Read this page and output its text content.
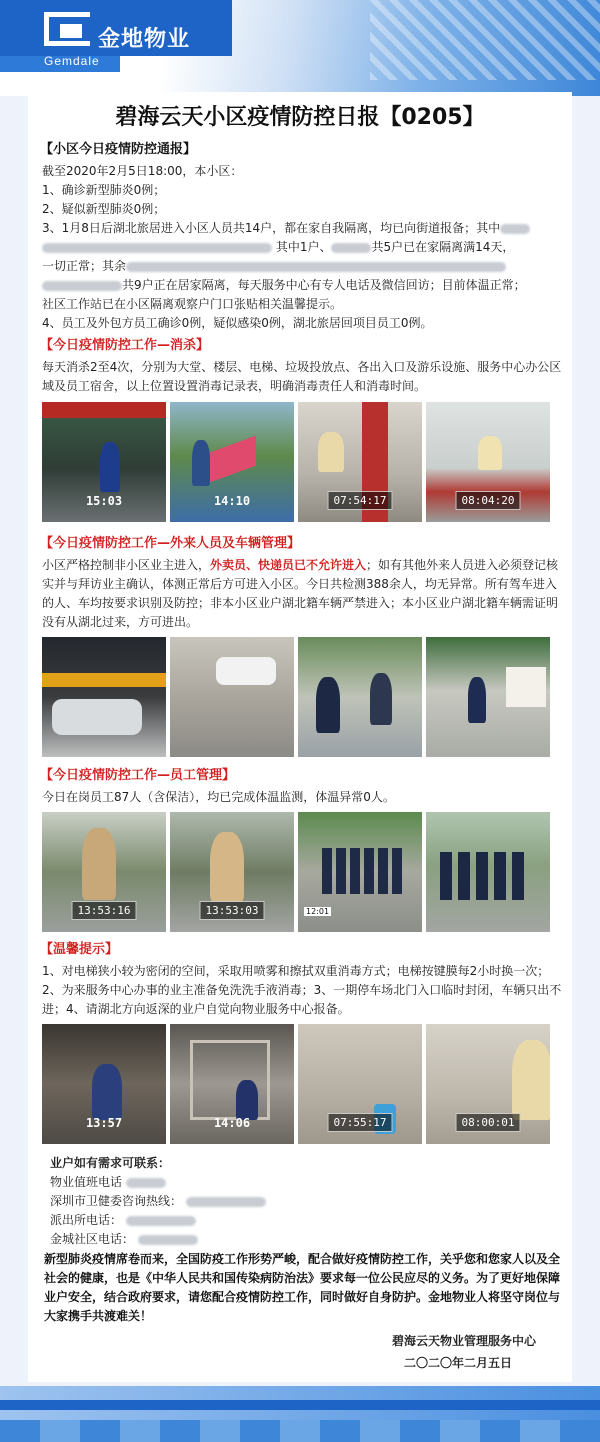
金地物业
Gemdale
碧海云天小区疫情防控日报【0205】
【小区今日疫情防控通报】
截至2020年2月5日18:00，本小区：
1、确诊新型肺炎0例；
2、疑似新型肺炎0例；
3、1月8日后湖北旅居进入小区人员共14户，都在家自我隔离，均已向街道报备；其中
其中1户、	共5户已在家隔离满14天，
一切正常；其余
共9户正在居家隔离，每天服务中心有专人电话及微信回访；目前体温正常；
社区工作站已在小区隔离观察户门口张贴相关温馨提示。
4、员工及外包方员工确诊0例，疑似感染0例，湖北旅居回项目员工0例。
【今日疫情防控工作—消杀】
每天消杀2至4次，分别为大堂、楼层、电梯、垃圾投放点、各出入口及游乐设施、服务中心办公区域及员工宿舍，以上位置设置消毒记录表，明确消毒责任人和消毒时间。
15:03	14:10	07:54:17	08:04:20
【今日疫情防控工作—外来人员及车辆管理】
小区严格控制非小区业主进入，外卖员、快递员已不允许进入；如有其他外来人员进入必须登记核实并与拜访业主确认，体测正常后方可进入小区。今日共检测388余人，均无异常。所有驾车进入的人、车均按要求识别及防控；非本小区业户湖北籍车辆严禁进入；本小区业户湖北籍车辆需证明没有从湖北过来，方可进出。
【今日疫情防控工作—员工管理】
今日在岗员工87人（含保洁），均已完成体温监测，体温异常0人。
13:53:16	13:53:03	12:01
【温馨提示】
1、对电梯狭小较为密闭的空间，采取用喷雾和擦拭双重消毒方式；电梯按键膜每2小时换一次；2、为来服务中心办事的业主准备免洗洗手液消毒；3、一期停车场北门入口临时封闭，车辆只出不进；4、请湖北方向返深的业户自觉向物业服务中心报备。
13:57	14:06	07:55:17	08:00:01
业户如有需求可联系：
物业值班电话
深圳市卫健委咨询热线：
派出所电话：
金城社区电话：
新型肺炎疫情席卷而来，全国防疫工作形势严峻，配合做好疫情防控工作，关乎您和您家人以及全社会的健康，也是《中华人民共和国传染病防治法》要求每一位公民应尽的义务。为了更好地保障业户安全，结合政府要求，请您配合疫情防控工作，同时做好自身防护。金地物业人将坚守岗位与大家携手共渡难关！
碧海云天物业管理服务中心
二〇二〇年二月五日
